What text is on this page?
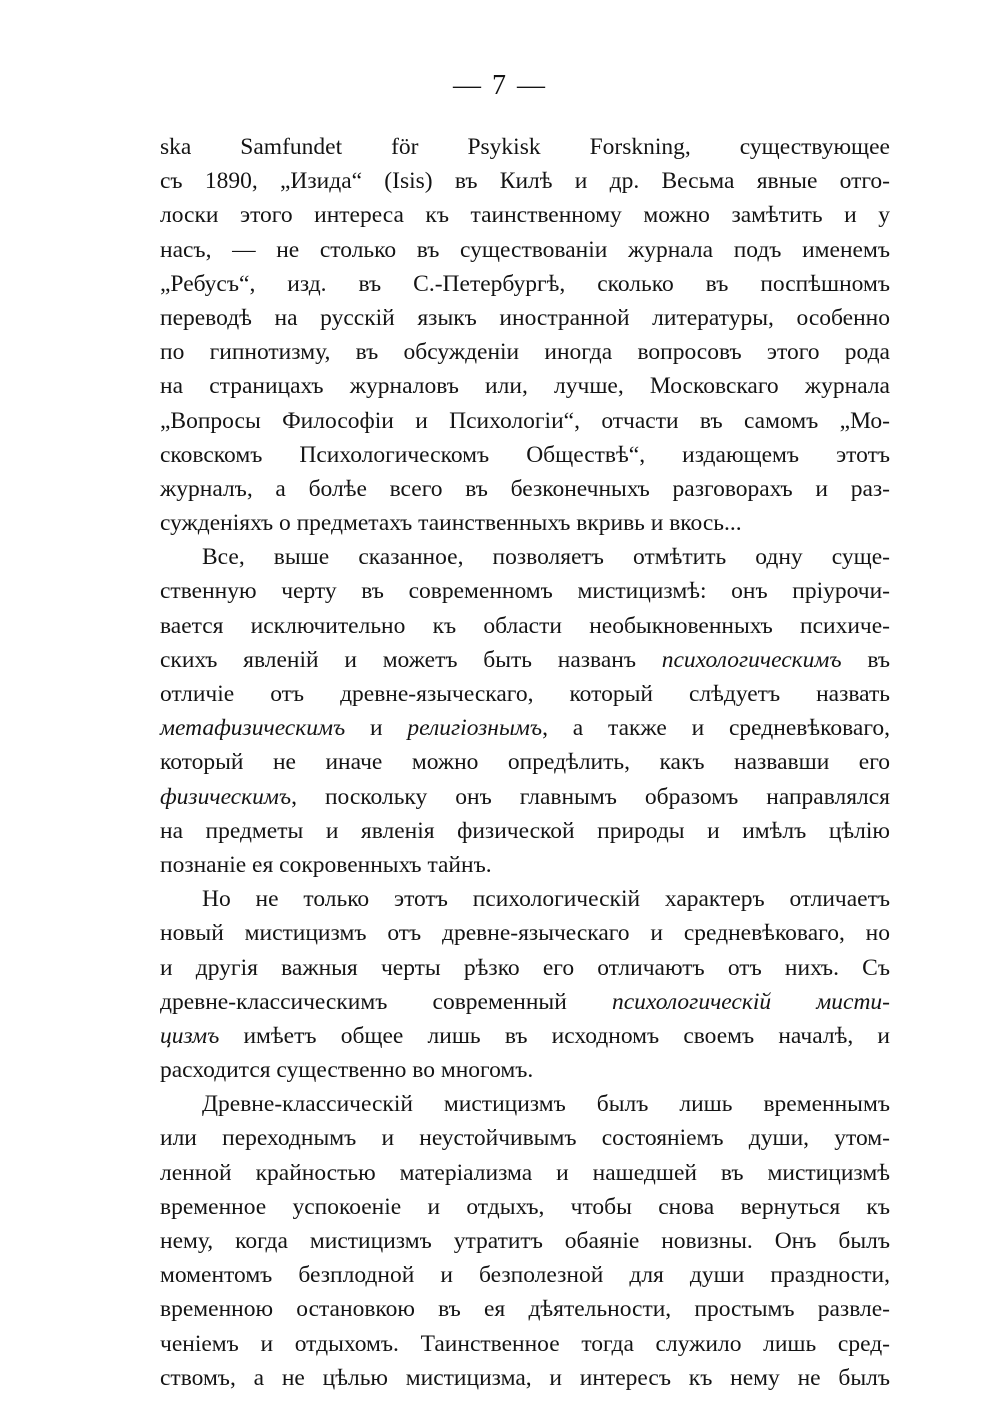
— 7 —
ska Samfundet för Psykisk Forskning, существующее
съ 1890, „Изида“ (Isis) въ Килѣ и др. Весьма явные отго-
лоски этого интереса къ таинственному можно замѣтить и у
насъ, — не столько въ существованіи журнала подъ именемъ
„Ребусъ“, изд. въ С.-Петербургѣ, сколько въ поспѣшномъ
переводѣ на русскій языкъ иностранной литературы, особенно
по гипнотизму, въ обсужденіи иногда вопросовъ этого рода
на страницахъ журналовъ или, лучше, Московскаго журнала
„Вопросы Философіи и Психологіи“, отчасти въ самомъ „Мо-
сковскомъ Психологическомъ Обществѣ“, издающемъ этотъ
журналъ, а болѣе всего въ безконечныхъ разговорахъ и раз-
сужденіяхъ о предметахъ таинственныхъ вкривь и вкось...
Все, выше сказанное, позволяетъ отмѣтить одну суще-
ственную черту въ современномъ мистицизмѣ: онъ пріурочи-
вается исключительно къ области необыкновенныхъ психиче-
скихъ явленій и можетъ быть названъ психологическимъ въ
отличіе отъ древне-языческаго, который слѣдуетъ назвать
метафизическимъ и религіознымъ, а также и средневѣковаго,
который не иначе можно опредѣлить, какъ назвавши его
физическимъ, поскольку онъ главнымъ образомъ направлялся
на предметы и явленія физической природы и имѣлъ цѣлію
познаніе ея сокровенныхъ тайнъ.
Но не только этотъ психологическій характеръ отличаетъ
новый мистицизмъ отъ древне-языческаго и средневѣковаго, но
и другія важныя черты рѣзко его отличаютъ отъ нихъ. Съ
древне-классическимъ современный психологическій мисти-
цизмъ имѣетъ общее лишь въ исходномъ своемъ началѣ, и
расходится существенно во многомъ.
Древне-классическій мистицизмъ былъ лишь временнымъ
или переходнымъ и неустойчивымъ состояніемъ души, утом-
ленной крайностью матеріализма и нашедшей въ мистицизмѣ
временное успокоеніе и отдыхъ, чтобы снова вернуться къ
нему, когда мистицизмъ утратитъ обаяніе новизны. Онъ былъ
моментомъ безплодной и безполезной для души праздности,
временною остановкою въ ея дѣятельности, простымъ развле-
ченіемъ и отдыхомъ. Таинственное тогда служило лишь сред-
ствомъ, а не цѣлью мистицизма, и интересъ къ нему не былъ
